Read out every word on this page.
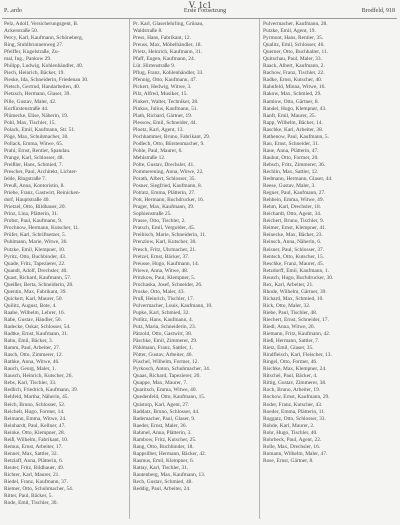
V. 1c1
P...ardo	Erste Fortsetzung	Brodfeld, 918
Pelz, Adolf, Versicherungsgent, B.
Ackerstraße 50.
Percy, Karl, Kaufmann, Schöneberg,
Ring, Stuhlbrunnenweg 27.
Pfeiffer, Kugelstraße, Zu-
mal, Ing., Pankow 29.
Philipp, Ludwig, Kohlenhändler, 40.
Piech, Heinrich, Bäcker, 19.
Pieske, Ida, Schneiderin, Friedenau 30.
Pietsch, Gertrud, Handarbeiten, 40.
Pietzsch, Hermann, Glaser, 39.
Pille, Gustav, Maler, 42.
Kurfürstenstraße 44.
Plümecke, Elise, Näherin, 19.
Pohl, Max, Tischler, 15.
Polack, Emil, Kaufmann, Str. 51.
Pöge, Max, Schuhmacher, 30.
Pollack, Emma, Witwe, 65.
Prahl, Ernst, Rentier, Spandau.
Prange, Karl, Schlosser, 48.
Preißler, Hans, Schmied, 7.
Prescher, Paul, Architekt, Lichter-
felde, Ringstraße 7.
Preuß, Anna, Kontoristin, 8.
Priebe, Franz, Gastwirt, Reinicken-
dorf, Hauptstraße 40.
Prietzel, Otto, Bildhauer, 20.
Prinz, Lina, Plätterin, 31.
Probst, Paul, Kaufmann, 9.
Prochnow, Hermann, Kutscher, 11.
Prüfer, Karl, Schriftsetzer, 5.
Puhlmann, Marie, Witwe, 36.
Putzke, Emil, Klempner, 10.
Pyritz, Otto, Buchbinder, 43.
Quade, Fritz, Tapezierer, 22.
Quandt, Adolf, Drechsler, 40.
Quast, Richard, Kaufmann, 57.
Queißer, Berta, Schneiderin, 28.
Quentin, Max, Fabrikant, 39.
Quickert, Karl, Maurer, 50.
Quilitz, August, Bote, 4.
Raabe, Wilhelm, Lehrer, 16.
Rabe, Gustav, Händler, 50.
Radecke, Oskar, Schlosser, 54.
Radtke, Ernst, Kaufmann, 31.
Rahn, Emil, Bäcker, 3.
Ramm, Paul, Arbeiter, 27.
Rasch, Otto, Zimmerer, 12.
Rathke, Anna, Witwe, 46.
Rauch, Georg, Maler, 1.
Rausch, Heinrich, Kutscher, 26.
Rebs, Karl, Tischler, 33.
Redlich, Friedrich, Kaufmann, 39.
Rehfeld, Martha, Näherin, 45.
Reich, Bruno, Schlosser, 52.
Reichelt, Hugo, Former, 14.
Reimann, Emma, Witwe, 24.
Reinhardt, Paul, Kellner, 47.
Reinke, Otto, Klempner, 28.
Reiß, Wilhelm, Fabrikant, 10.
Remus, Ernst, Arbeiter, 17.
Renner, Max, Sattler, 32.
Retzlaff, Anna, Plätterin, 6.
Reuter, Fritz, Bildhauer, 49.
Richter, Karl, Maurer, 21.
Riedel, Franz, Kaufmann, 37.
Riemer, Otto, Schuhmacher, 54.
Ritter, Paul, Bäcker, 5.
Rode, Emil, Tischler, 30.
Pr. Karl, Glaserlehrling, Grünau,
Waldstraße 8.
Press, Hans, Fabrikant, 12.
Preuss, Max, Möbelhändler, 18.
Prietz, Heinrich, Kaufmann, 31.
Pfaff, Eugen, Kaufmann, 24.
Lüt. Hirtenstraße 9.
Pflug, Franz, Kohlenhändler, 33.
Pfennig, Otto, Kaufmann, 47.
Pickert, Hedwig, Witwe, 3.
Pilz, Alfred, Musiker, 15.
Pinkert, Walter, Techniker, 28.
Pinkus, Julius, Kaufmann, 51.
Plath, Richard, Gärtner, 19.
Plessow, Emil, Schneider, 44.
Ploetz, Karl, Agent, 13.
Pochhammer, Bruno, Fabrikant, 29.
Podlech, Otto, Bürstenmacher, 9.
Pohle, Paul, Maurer, 6.
Mehlstraße 12.
Polte, Gustav, Drechsler, 41.
Pommerening, Anna, Witwe, 22.
Porath, Albert, Schlosser, 35.
Posner, Siegfried, Kaufmann, 8.
Potratz, Emma, Plätterin, 27.
Pott, Hermann, Buchdrucker, 16.
Prager, Max, Kaufmann, 39.
Sophienstraße 25.
Prasse, Otto, Tischler, 2.
Pratsch, Emil, Vergolder, 45.
Preibisch, Marie, Schneiderin, 11.
Prenzlow, Karl, Kutscher, 30.
Presch, Fritz, Uhrmacher, 21.
Pretzel, Ernst, Bäcker, 37.
Preusse, Hugo, Kaufmann, 14.
Priewe, Anna, Witwe, 48.
Pritzkow, Paul, Klempner, 5.
Prochaska, Josef, Schneider, 26.
Proske, Otto, Maler, 43.
Pruß, Heinrich, Tischler, 17.
Pulvermacher, Louis, Kaufmann, 10.
Pupke, Karl, Schmied, 32.
Putlitz, Hans, Kaufmann, 4.
Putz, Maria, Schneiderin, 23.
Pätzold, Otto, Gastwirt, 38.
Päschke, Emil, Zimmerer, 29.
Pöhlmann, Franz, Sattler, 1.
Pötter, Gustav, Arbeiter, 46.
Püschel, Wilhelm, Former, 12.
Pyrkosch, Anton, Schuhmacher, 34.
Quaas, Richard, Tapezierer, 20.
Quappe, Max, Maurer, 7.
Quaritsch, Emma, Witwe, 40.
Quedenfeld, Otto, Kaufmann, 15.
Quistorp, Karl, Agent, 27.
Raddatz, Bruno, Schlosser, 44.
Rademacher, Paul, Glaser, 9.
Raeder, Ernst, Maler, 36.
Rahmel, Anna, Plätterin, 3.
Rambow, Fritz, Kutscher, 25.
Rang, Otto, Buchbinder, 18.
Rappsilber, Hermann, Bäcker, 42.
Rasmus, Emil, Klempner, 6.
Rattay, Karl, Tischler, 31.
Rautenberg, Max, Kaufmann, 13.
Rech, Gustav, Schmied, 48.
Reddig, Paul, Arbeiter, 24.
Pulvermacher, Kaufmann, 28.
Putzke, Emil, Agent, 19.
Pyrmont, Hans, Rentier, 35.
Qualitz, Emil, Schlosser, 46.
Querner, Otto, Buchhalter, 11.
Quitschau, Paul, Maler, 33.
Raack, Albert, Kaufmann, 2.
Rachow, Franz, Tischler, 22.
Radke, Ernst, Kutscher, 40.
Rahnfeld, Minna, Witwe, 16.
Rakow, Max, Schmied, 29.
Ramlow, Otto, Gärtner, 8.
Randel, Hugo, Klempner, 43.
Ranft, Emil, Maurer, 25.
Rapp, Wilhelm, Bäcker, 14.
Raschke, Karl, Arbeiter, 38.
Rathenow, Paul, Kaufmann, 5.
Rau, Ernst, Schneider, 31.
Raue, Anna, Plätterin, 47.
Rauhut, Otto, Former, 20.
Rebsch, Fritz, Zimmerer, 36.
Rechlin, Max, Sattler, 12.
Redmann, Hermann, Glaser, 44.
Reese, Gustav, Maler, 3.
Regner, Paul, Kaufmann, 27.
Rehbein, Emma, Witwe, 49.
Rehm, Karl, Drechsler, 18.
Reichardt, Otto, Agent, 34.
Reichert, Bruno, Tischler, 9.
Reimer, Ernst, Klempner, 41.
Reinecke, Max, Bäcker, 23.
Reinsch, Anna, Näherin, 6.
Reisner, Paul, Schlosser, 37.
Rentsch, Otto, Kutscher, 15.
Reschke, Franz, Maurer, 45.
Retzdorff, Emil, Kaufmann, 1.
Reusch, Hugo, Buchdrucker, 30.
Rex, Karl, Arbeiter, 21.
Rhode, Wilhelm, Gärtner, 39.
Richard, Max, Schmied, 10.
Rick, Otto, Maler, 32.
Riebe, Paul, Tischler, 48.
Riechert, Ernst, Schneider, 17.
Riedl, Anna, Witwe, 26.
Riemann, Fritz, Kaufmann, 42.
Rieß, Hermann, Sattler, 7.
Rietz, Emil, Glaser, 35.
Rindfleisch, Karl, Fleischer, 13.
Ringel, Otto, Former, 46.
Rischke, Max, Klempner, 24.
Ritschel, Paul, Bäcker, 4.
Rittig, Gustav, Zimmerer, 38.
Roch, Bruno, Arbeiter, 19.
Rochow, Ernst, Kaufmann, 29.
Roder, Franz, Kutscher, 43.
Roeder, Emma, Plätterin, 11.
Roggatz, Otto, Schlosser, 33.
Rohde, Karl, Maurer, 2.
Rohr, Hugo, Tischler, 40.
Rohrbeck, Paul, Agent, 22.
Rolle, Max, Drechsler, 16.
Romann, Wilhelm, Maler, 47.
Rose, Ernst, Gärtner, 8.
